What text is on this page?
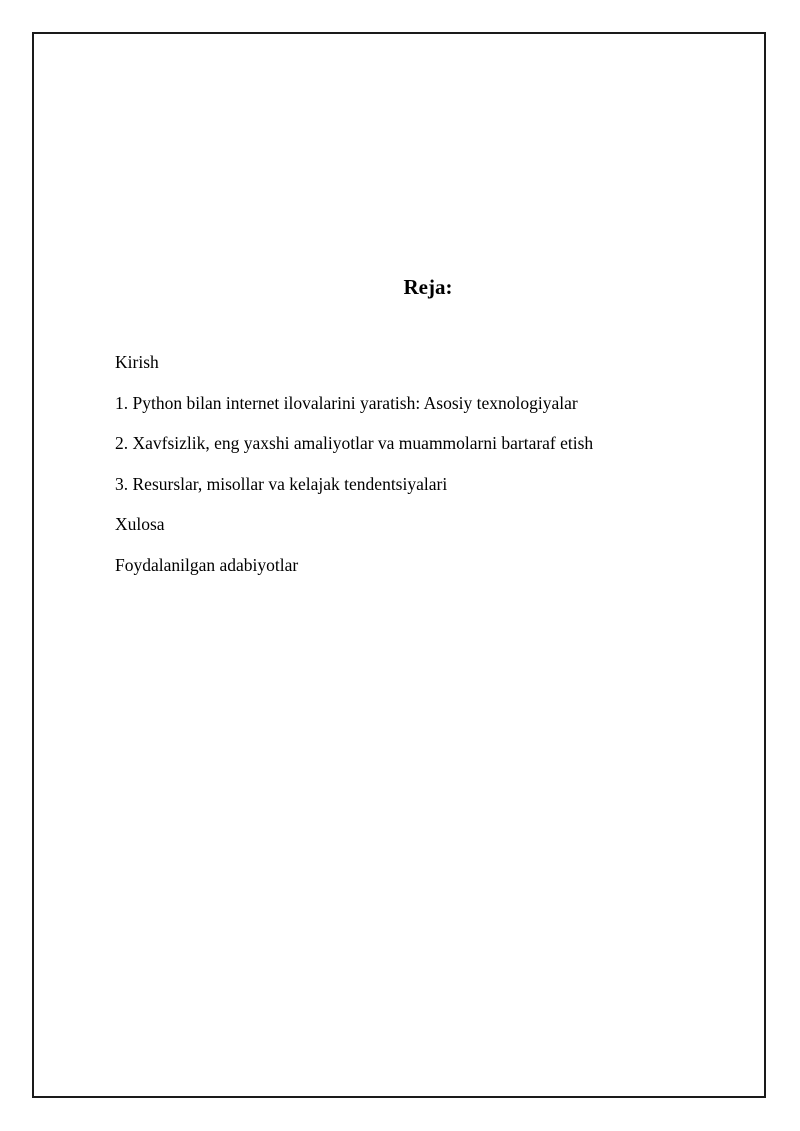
Reja:
Kirish
1. Python bilan internet ilovalarini yaratish: Asosiy texnologiyalar
2. Xavfsizlik, eng yaxshi amaliyotlar va muammolarni bartaraf etish
3. Resurslar, misollar va kelajak tendentsiyalari
Xulosa
Foydalanilgan adabiyotlar
